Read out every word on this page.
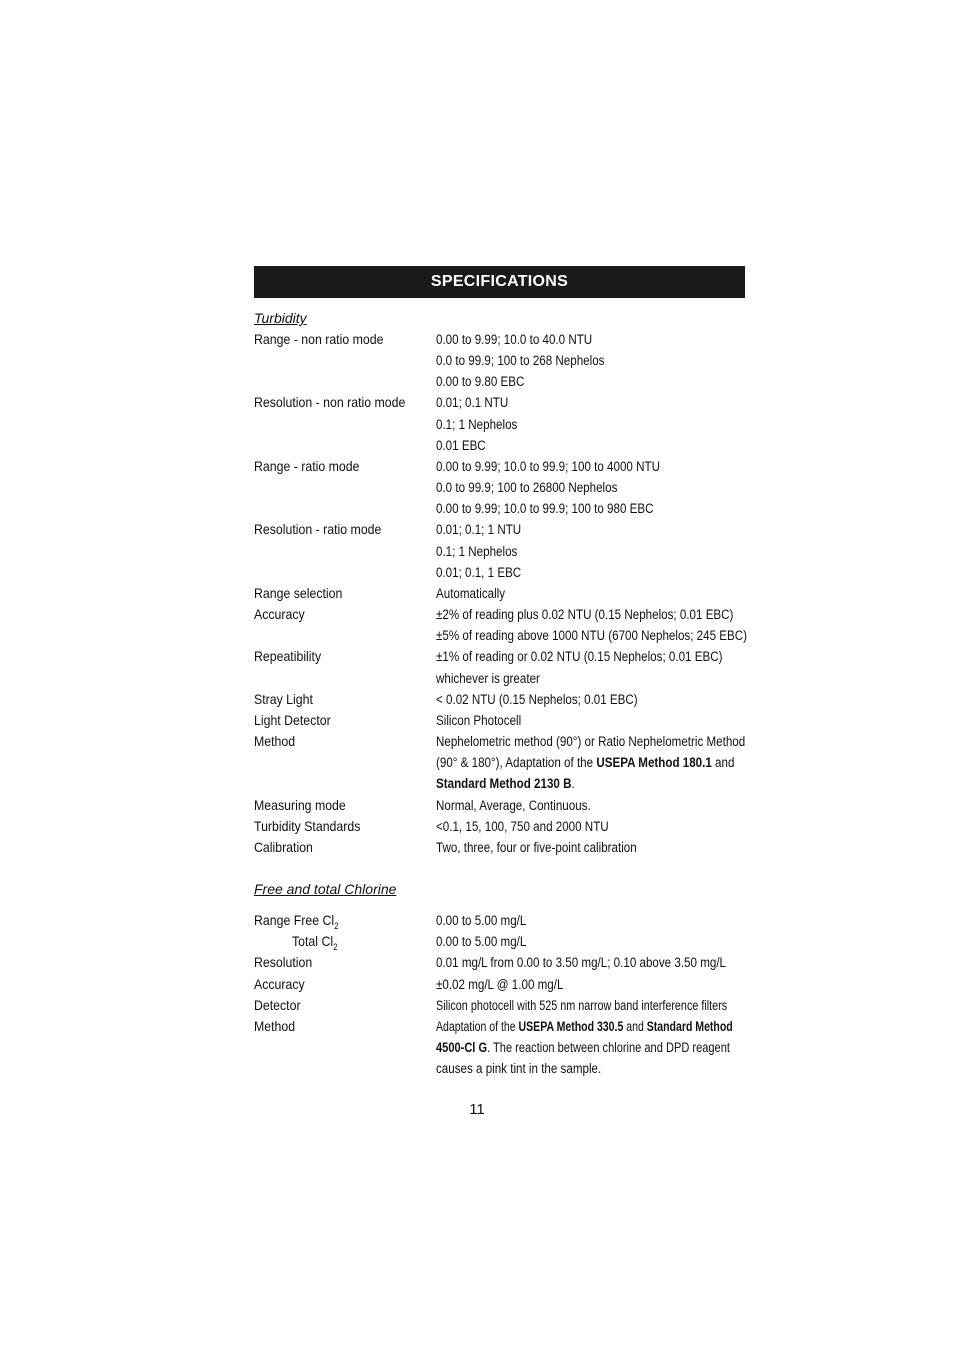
SPECIFICATIONS
Turbidity
Range - non ratio mode	0.00 to 9.99; 10.0 to 40.0 NTU
0.0 to 99.9; 100 to 268 Nephelos
0.00 to 9.80 EBC
Resolution - non ratio mode 0.01; 0.1 NTU
0.1; 1 Nephelos
0.01 EBC
Range - ratio mode	0.00 to 9.99; 10.0 to 99.9; 100 to 4000 NTU
0.0 to 99.9; 100 to 26800 Nephelos
0.00 to 9.99; 10.0 to 99.9; 100 to 980 EBC
Resolution - ratio mode	0.01; 0.1; 1 NTU
0.1; 1 Nephelos
0.01; 0.1, 1 EBC
Range selection	Automatically
Accuracy	±2% of reading plus 0.02 NTU (0.15 Nephelos; 0.01 EBC)
±5% of reading above 1000 NTU (6700 Nephelos; 245 EBC)
Repeatibility	±1% of reading or 0.02 NTU (0.15 Nephelos; 0.01 EBC)
whichever is greater
Stray Light	< 0.02 NTU (0.15 Nephelos; 0.01 EBC)
Light Detector	Silicon Photocell
Method	Nephelometric method (90°) or Ratio Nephelometric Method
(90° & 180°), Adaptation of the USEPA Method 180.1 and
Standard Method 2130 B.
Measuring mode	Normal, Average, Continuous.
Turbidity Standards	<0.1, 15, 100, 750 and 2000 NTU
Calibration	Two, three, four or five-point calibration
Free and total Chlorine
Range Free $Cl_2$	0.00 to 5.00 mg/L
Total $Cl_2$	0.00 to 5.00 mg/L
Resolution	0.01 mg/L from 0.00 to 3.50 mg/L; 0.10 above 3.50 mg/L
Accuracy	±0.02 mg/L @ 1.00 mg/L
Detector	Silicon photocell with 525 nm narrow band interference filters
Method	Adaptation of the USEPA Method 330.5 and Standard Method
4500-Cl G. The reaction between chlorine and DPD reagent
causes a pink tint in the sample.
11
